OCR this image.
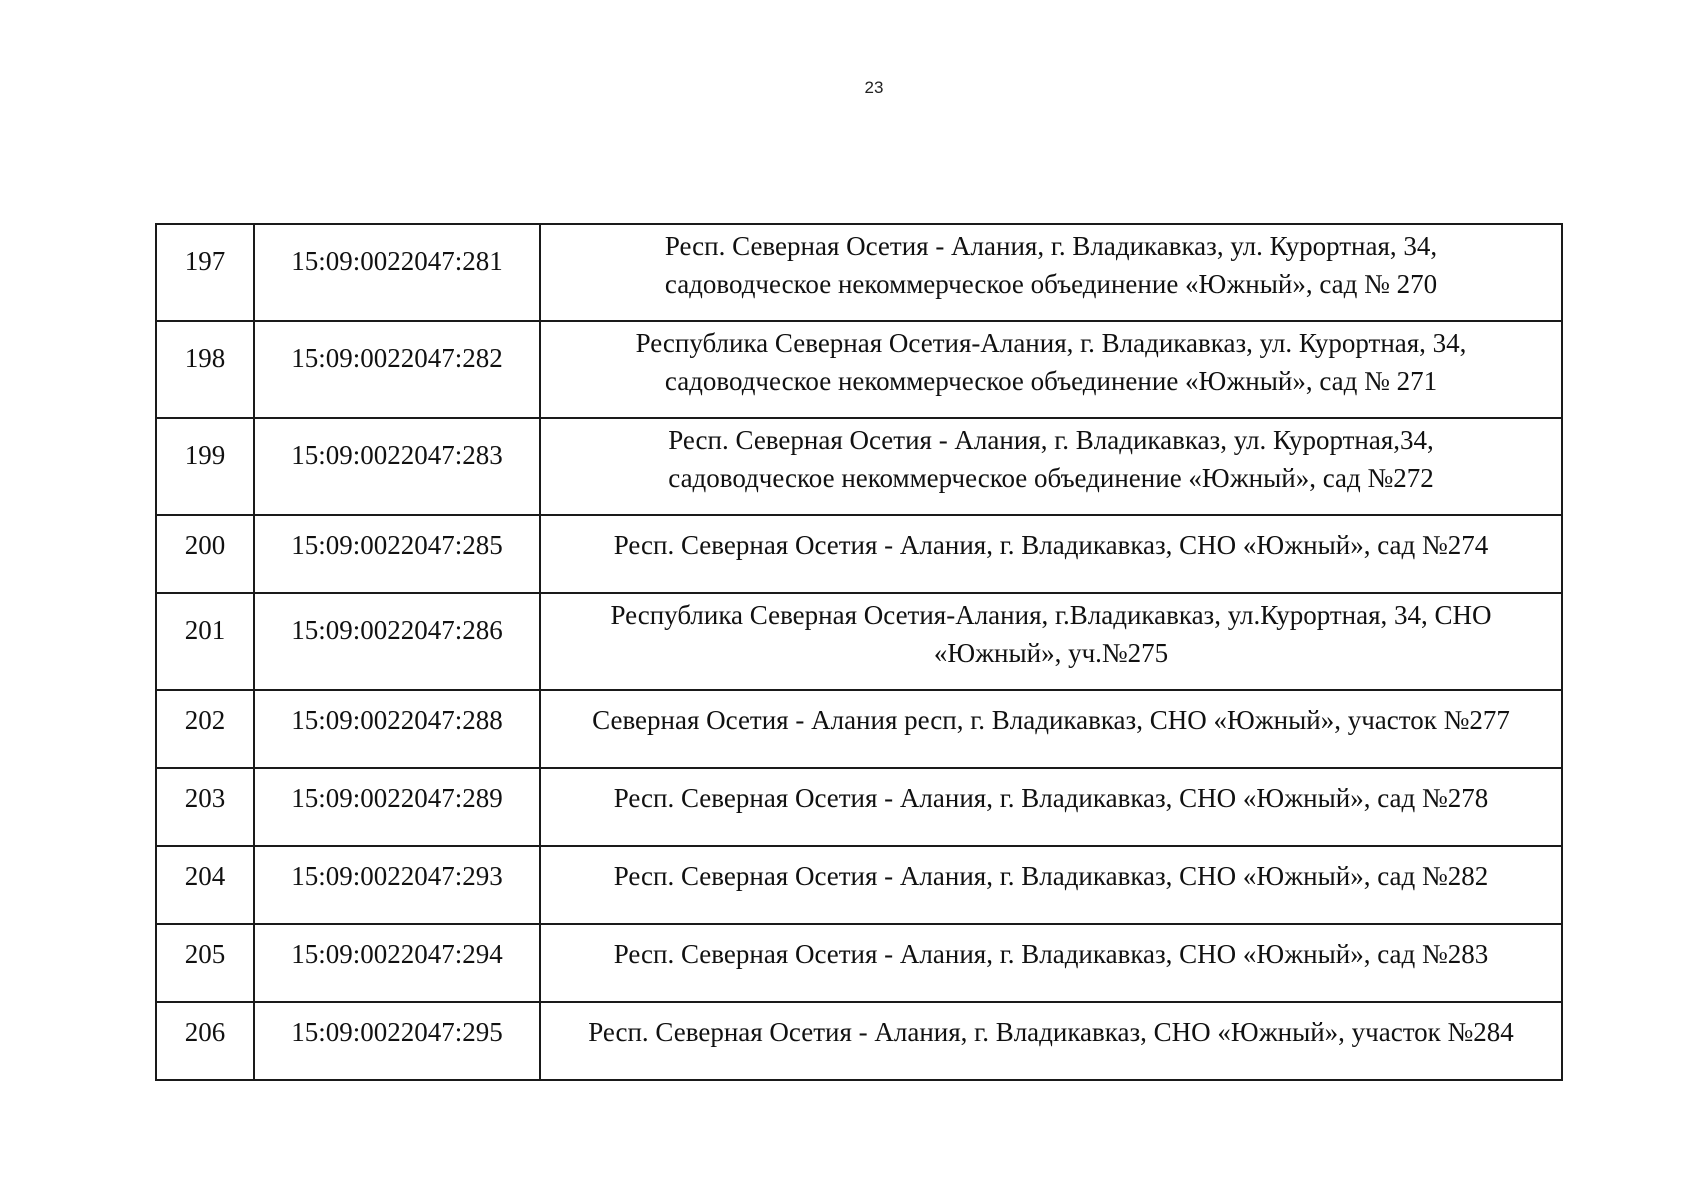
23
197	15:09:0022047:281	Респ. Северная Осетия - Алания, г. Владикавказ, ул. Курортная, 34,
садоводческое некоммерческое объединение «Южный», сад № 270

198	15:09:0022047:282	Республика Северная Осетия-Алания, г. Владикавказ, ул. Курортная, 34,
садоводческое некоммерческое объединение «Южный», сад № 271

199	15:09:0022047:283	Респ. Северная Осетия - Алания, г. Владикавказ, ул. Курортная,34,
садоводческое некоммерческое объединение «Южный», сад №272

200	15:09:0022047:285	Респ. Северная Осетия - Алания, г. Владикавказ, СНО «Южный», сад №274

201	15:09:0022047:286	Республика Северная Осетия-Алания, г.Владикавказ, ул.Курортная, 34, СНО
«Южный», уч.№275

202	15:09:0022047:288	Северная Осетия - Алания респ, г. Владикавказ, СНО «Южный», участок №277

203	15:09:0022047:289	Респ. Северная Осетия - Алания, г. Владикавказ, СНО «Южный», сад №278

204	15:09:0022047:293	Респ. Северная Осетия - Алания, г. Владикавказ, СНО «Южный», сад №282

205	15:09:0022047:294	Респ. Северная Осетия - Алания, г. Владикавказ, СНО «Южный», сад №283

206	15:09:0022047:295	Респ. Северная Осетия - Алания, г. Владикавказ, СНО «Южный», участок №284
